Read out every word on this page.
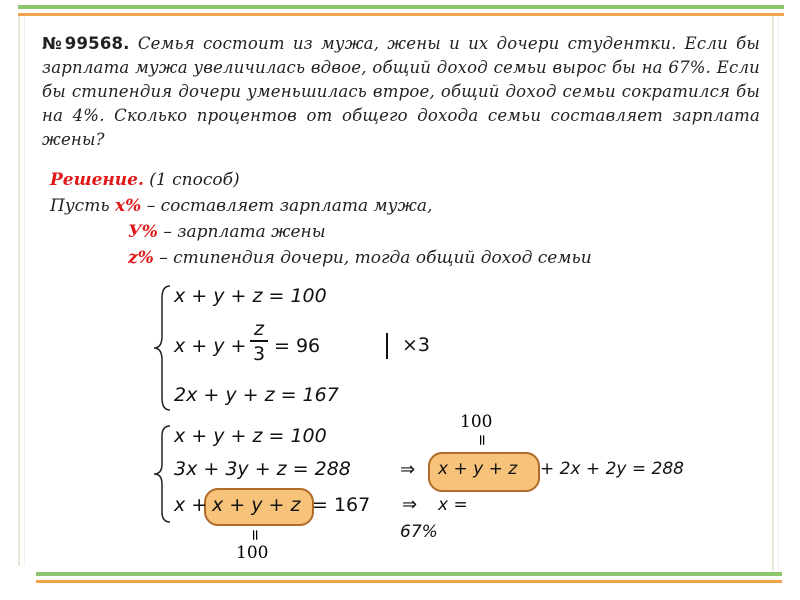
№99568. Семья состоит из мужа, жены и их дочери студентки. Если бы зарплата мужа увеличилась вдвое, общий доход семьи вырос бы на 67%. Если бы стипендия дочери уменьшилась втрое, общий доход семьи сократился бы на 4%. Сколько процентов от общего дохода семьи составляет зарплата жены?
Решение. (1 способ)
Пусть x% – составляет зарплата мужа,
У% – зарплата жены
z% – стипендия дочери, тогда общий доход семьи
x + y + z = 100
x + y +
z
3 = 96
2x + y + z = 167
×3
x + y + z = 100
3x + 3y + z = 288
x + x + y + z = 167
=
100
100
=
⇒ x + y + z + 2x + 2y = 288
⇒ x =
67%
